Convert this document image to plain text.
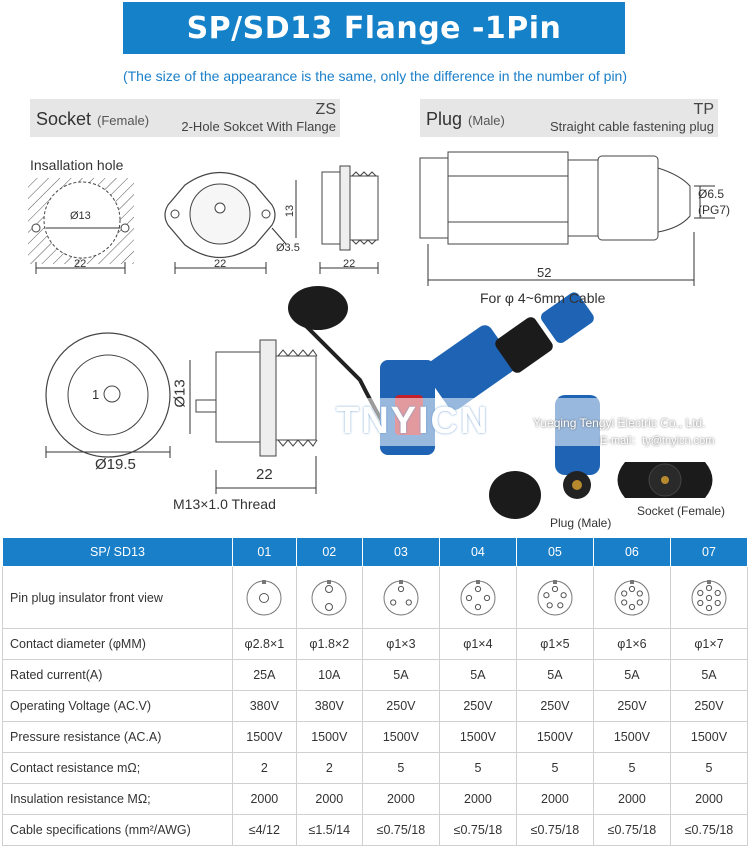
SP/SD13 Flange -1Pin
(The size of the appearance is the same, only the difference in the number of pin)
Socket (Female)
ZS
2-Hole Sokcet With Flange	Plug (Male)
TP
Straight cable fastening plug
Insallation hole
Ø13
22	22
Ø3.5
13
22
Ø6.5
(PG7)
52
For φ 4~6mm Cable
1
Ø19.5
Ø13
22
M13×1.0 Thread
TNYICN	Yueqing Tengyi Electric Co., Ltd.
E-mail：ty@tnyicn.com
Plug (Male)
Socket (Female)
SP/ SD13	01	02	03	04	05	06	07
Pin plug insulator front view	

Contact diameter (φMM)	φ2.8×1	φ1.8×2	φ1×3	φ1×4	φ1×5	φ1×6	φ1×7
Rated current(A)	25A	10A	5A	5A	5A	5A	5A
Operating Voltage (AC.V)	380V	380V	250V	250V	250V	250V	250V
Pressure resistance (AC.A)	1500V	1500V	1500V	1500V	1500V	1500V	1500V
Contact resistance mΩ;	2	2	5	5	5	5	5
Insulation resistance MΩ;	2000	2000	2000	2000	2000	2000	2000
Cable specifications (mm²/AWG)	≤4/12	≤1.5/14	≤0.75/18	≤0.75/18	≤0.75/18	≤0.75/18	≤0.75/18
